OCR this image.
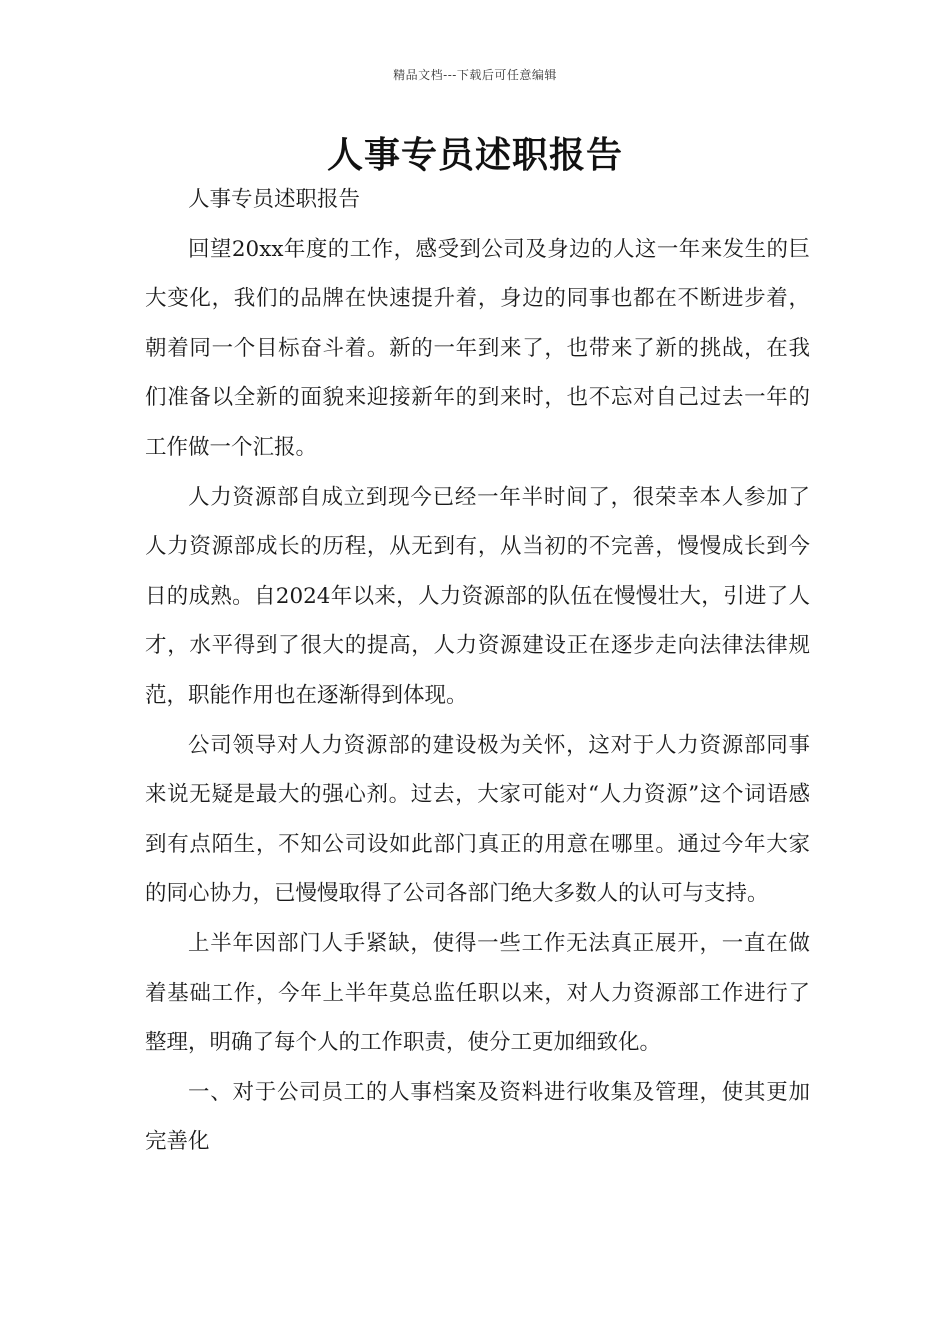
精品文档---下载后可任意编辑
人事专员述职报告

人事专员述职报告

回望20xx年度的工作，感受到公司及身边的人这一年来发生的巨大变化，我们的品牌在快速提升着，身边的同事也都在不断进步着，朝着同一个目标奋斗着。新的一年到来了，也带来了新的挑战，在我们准备以全新的面貌来迎接新年的到来时，也不忘对自己过去一年的工作做一个汇报。

人力资源部自成立到现今已经一年半时间了，很荣幸本人参加了人力资源部成长的历程，从无到有，从当初的不完善，慢慢成长到今日的成熟。自2024年以来，人力资源部的队伍在慢慢壮大，引进了人才，水平得到了很大的提高，人力资源建设正在逐步走向法律法律规范，职能作用也在逐渐得到体现。

公司领导对人力资源部的建设极为关怀，这对于人力资源部同事来说无疑是最大的强心剂。过去，大家可能对“人力资源”这个词语感到有点陌生，不知公司设如此部门真正的用意在哪里。通过今年大家的同心协力，已慢慢取得了公司各部门绝大多数人的认可与支持。

上半年因部门人手紧缺，使得一些工作无法真正展开，一直在做着基础工作，今年上半年莫总监任职以来，对人力资源部工作进行了整理，明确了每个人的工作职责，使分工更加细致化。

一、对于公司员工的人事档案及资料进行收集及管理，使其更加完善化
